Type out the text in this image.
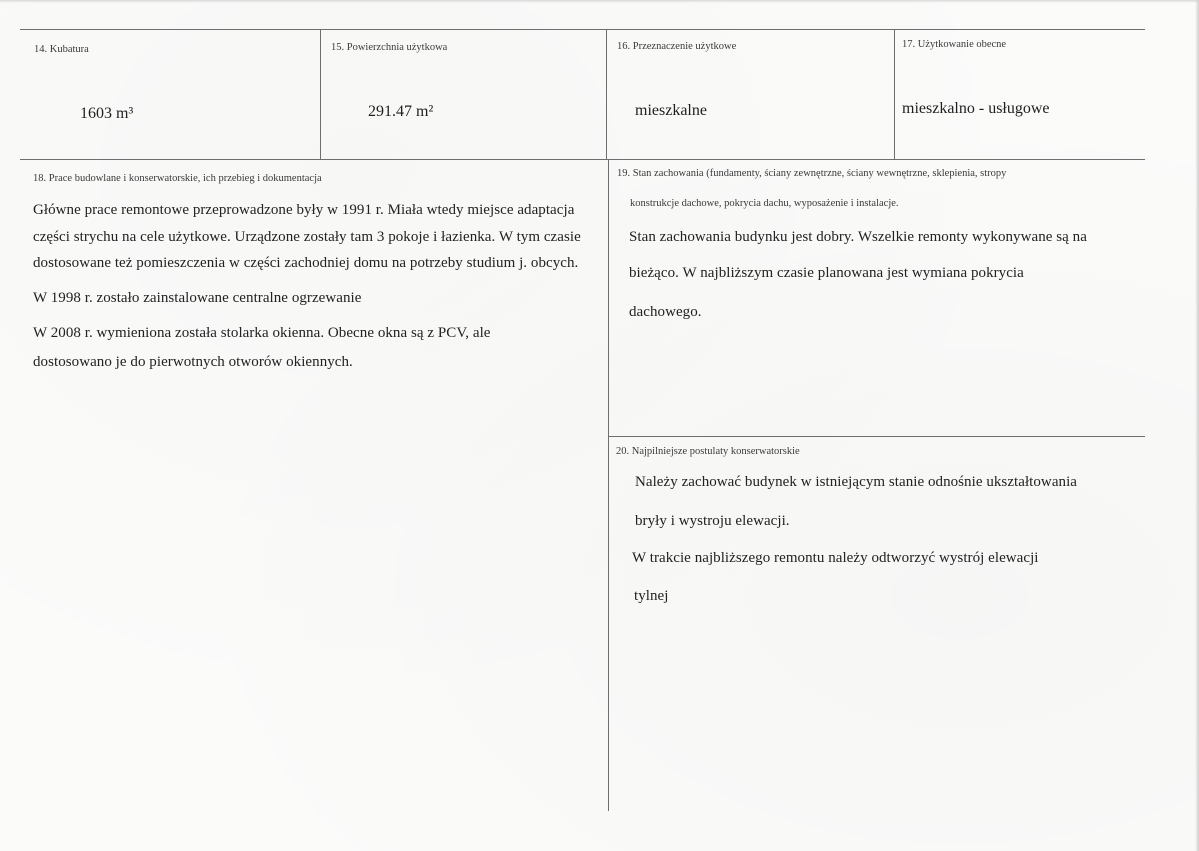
14. Kubatura
1603 m³
15. Powierzchnia użytkowa
291.47 m²
16. Przeznaczenie użytkowe
mieszkalne
17. Użytkowanie obecne
mieszkalno - usługowe
18. Prace budowlane i konserwatorskie, ich przebieg i dokumentacja
Główne prace remontowe przeprowadzone były w 1991 r. Miała wtedy miejsce adaptacja
części strychu na cele użytkowe. Urządzone zostały tam 3 pokoje i łazienka. W tym czasie
dostosowane też pomieszczenia w części zachodniej domu na potrzeby studium j. obcych.
W 1998 r. zostało zainstalowane centralne ogrzewanie
W 2008 r. wymieniona została stolarka okienna. Obecne okna są z PCV, ale
dostosowano je do pierwotnych otworów okiennych.
19. Stan zachowania (fundamenty, ściany zewnętrzne, ściany wewnętrzne, sklepienia, stropy
konstrukcje dachowe, pokrycia dachu, wyposażenie i instalacje.
Stan zachowania budynku jest dobry. Wszelkie remonty wykonywane są na
bieżąco. W najbliższym czasie planowana jest wymiana pokrycia
dachowego.
20. Najpilniejsze postulaty konserwatorskie
Należy zachować budynek w istniejącym stanie odnośnie ukształtowania
bryły i wystroju elewacji.
W trakcie najbliższego remontu należy odtworzyć wystrój elewacji
tylnej
